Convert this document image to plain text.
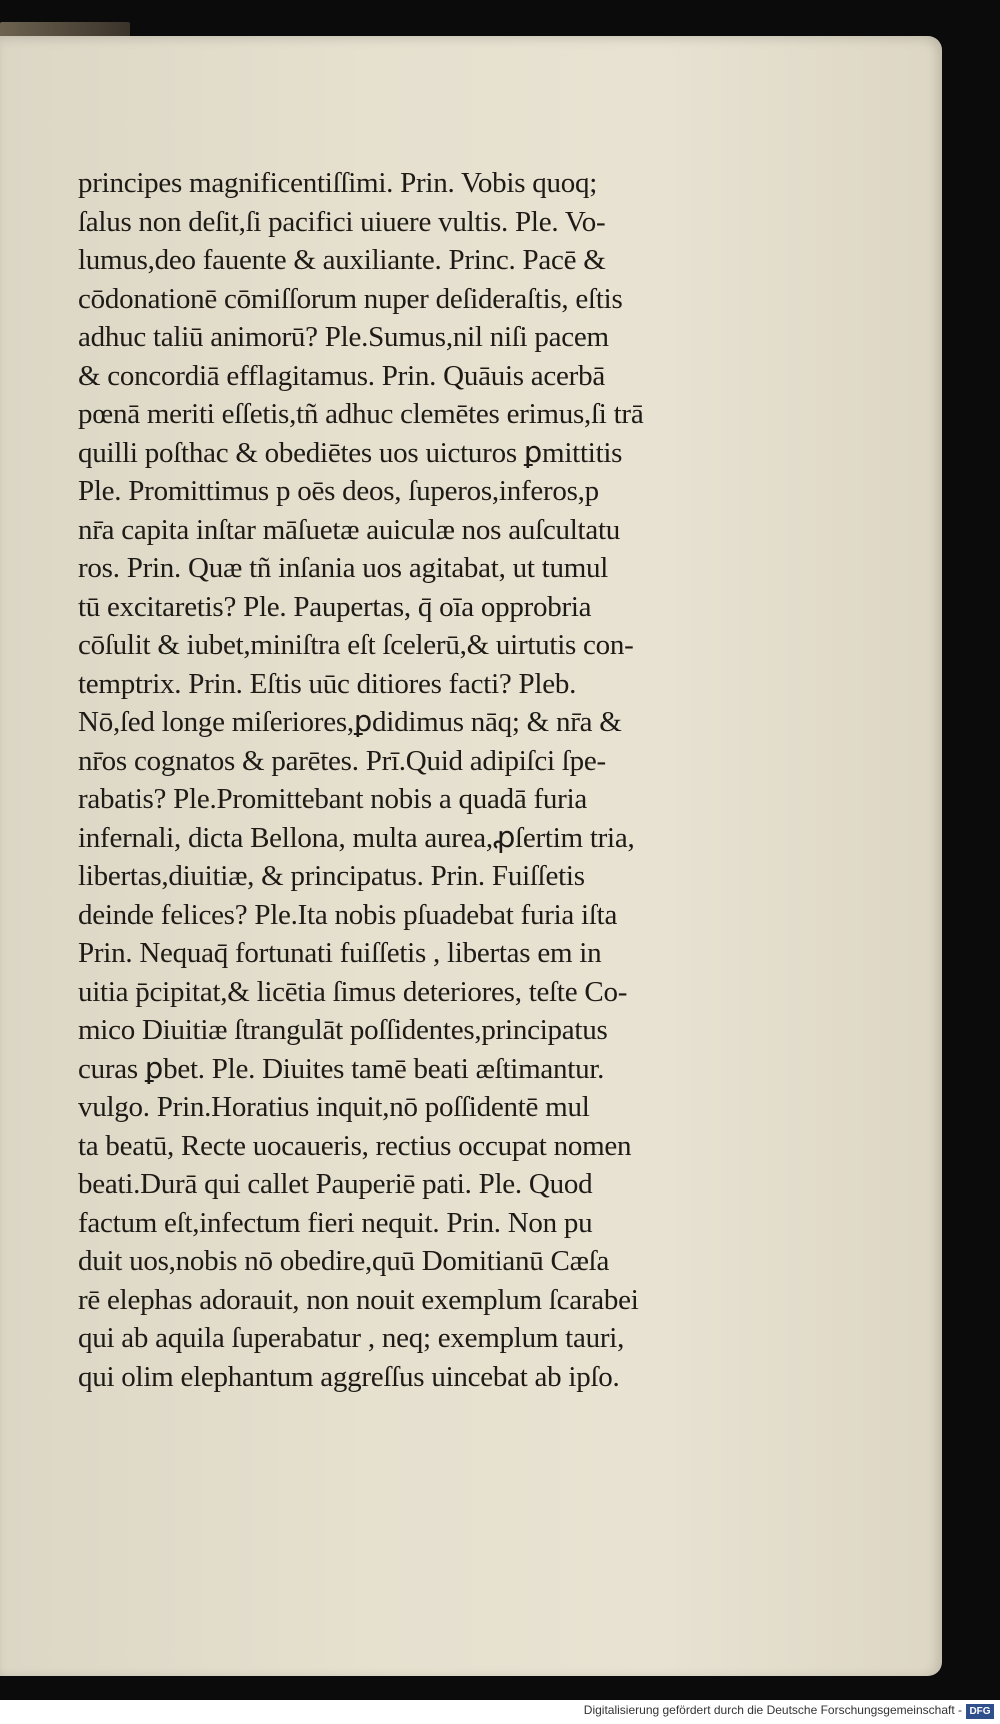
principes magnificentiſſimi. Prin. Vobis quoq;
ſalus non deſit,ſi pacifici uiuere vultis. Ple. Vo-
lumus,deo fauente & auxiliante. Princ. Pacē &
cōdonationē cōmiſſorum nuper deſideraſtis, eſtis
adhuc taliū animorū? Ple.Sumus,nil niſi pacem
& concordiā efflagitamus. Prin. Quāuis acerbā
pœnā meriti eſſetis,tñ adhuc clemētes erimus,ſi trā
quilli poſthac & obediētes uos uicturos ꝑmittitis
Ple. Promittimus p oēs deos, ſuperos,inferos,p
nr̄a capita inſtar māſuetæ auiculæ nos auſcultatu
ros. Prin. Quæ tñ inſania uos agitabat, ut tumul
tū excitaretis? Ple. Paupertas, q̄ oīa opprobria
cōſulit & iubet,miniſtra eſt ſcelerū,& uirtutis con-
temptrix. Prin. Eſtis uūc ditiores facti? Pleb.
Nō,ſed longe miſeriores,ꝑdidimus nāq; & nr̄a &
nr̄os cognatos & parētes. Prī.Quid adipiſci ſpe-
rabatis? Ple.Promittebant nobis a quadā furia
infernali, dicta Bellona, multa aurea,ꝓſertim tria,
libertas,diuitiæ, & principatus. Prin. Fuiſſetis
deinde felices? Ple.Ita nobis pſuadebat furia iſta
Prin. Nequaq̄ fortunati fuiſſetis , libertas em in
uitia p̄cipitat,& licētia ſimus deteriores, teſte Co-
mico Diuitiæ ſtrangulāt poſſidentes,principatus
curas ꝑbet. Ple. Diuites tamē beati æſtimantur.
vulgo. Prin.Horatius inquit,nō poſſidentē mul
ta beatū, Recte uocaueris, rectius occupat nomen
beati.Durā qui callet Pauperiē pati. Ple. Quod
factum eſt,infectum fieri nequit. Prin. Non pu
duit uos,nobis nō obedire,quū Domitianū Cæſa
rē elephas adorauit, non nouit exemplum ſcarabei
qui ab aquila ſuperabatur , neq; exemplum tauri,
qui olim elephantum aggreſſus uincebat ab ipſo.
Digitalisierung gefördert durch die Deutsche Forschungsgemeinschaft - DFG
